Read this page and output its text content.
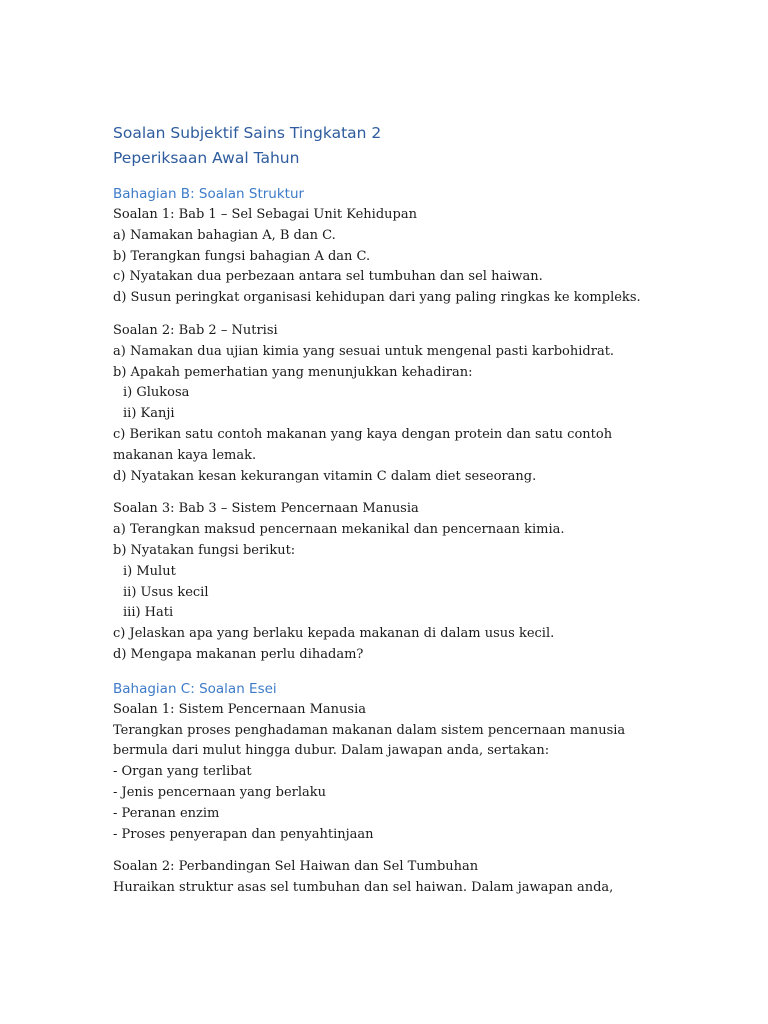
Soalan Subjektif Sains Tingkatan 2

Peperiksaan Awal Tahun

Bahagian B: Soalan Struktur

Soalan 1: Bab 1 – Sel Sebagai Unit Kehidupan

a) Namakan bahagian A, B dan C.

b) Terangkan fungsi bahagian A dan C.

c) Nyatakan dua perbezaan antara sel tumbuhan dan sel haiwan.

d) Susun peringkat organisasi kehidupan dari yang paling ringkas ke kompleks.

Soalan 2: Bab 2 – Nutrisi

a) Namakan dua ujian kimia yang sesuai untuk mengenal pasti karbohidrat.

b) Apakah pemerhatian yang menunjukkan kehadiran:

i) Glukosa

ii) Kanji

c) Berikan satu contoh makanan yang kaya dengan protein dan satu contoh

makanan kaya lemak.

d) Nyatakan kesan kekurangan vitamin C dalam diet seseorang.

Soalan 3: Bab 3 – Sistem Pencernaan Manusia

a) Terangkan maksud pencernaan mekanikal dan pencernaan kimia.

b) Nyatakan fungsi berikut:

i) Mulut

ii) Usus kecil

iii) Hati

c) Jelaskan apa yang berlaku kepada makanan di dalam usus kecil.

d) Mengapa makanan perlu dihadam?

Bahagian C: Soalan Esei

Soalan 1: Sistem Pencernaan Manusia

Terangkan proses penghadaman makanan dalam sistem pencernaan manusia

bermula dari mulut hingga dubur. Dalam jawapan anda, sertakan:

- Organ yang terlibat

- Jenis pencernaan yang berlaku

- Peranan enzim

- Proses penyerapan dan penyahtinjaan

Soalan 2: Perbandingan Sel Haiwan dan Sel Tumbuhan

Huraikan struktur asas sel tumbuhan dan sel haiwan. Dalam jawapan anda,
